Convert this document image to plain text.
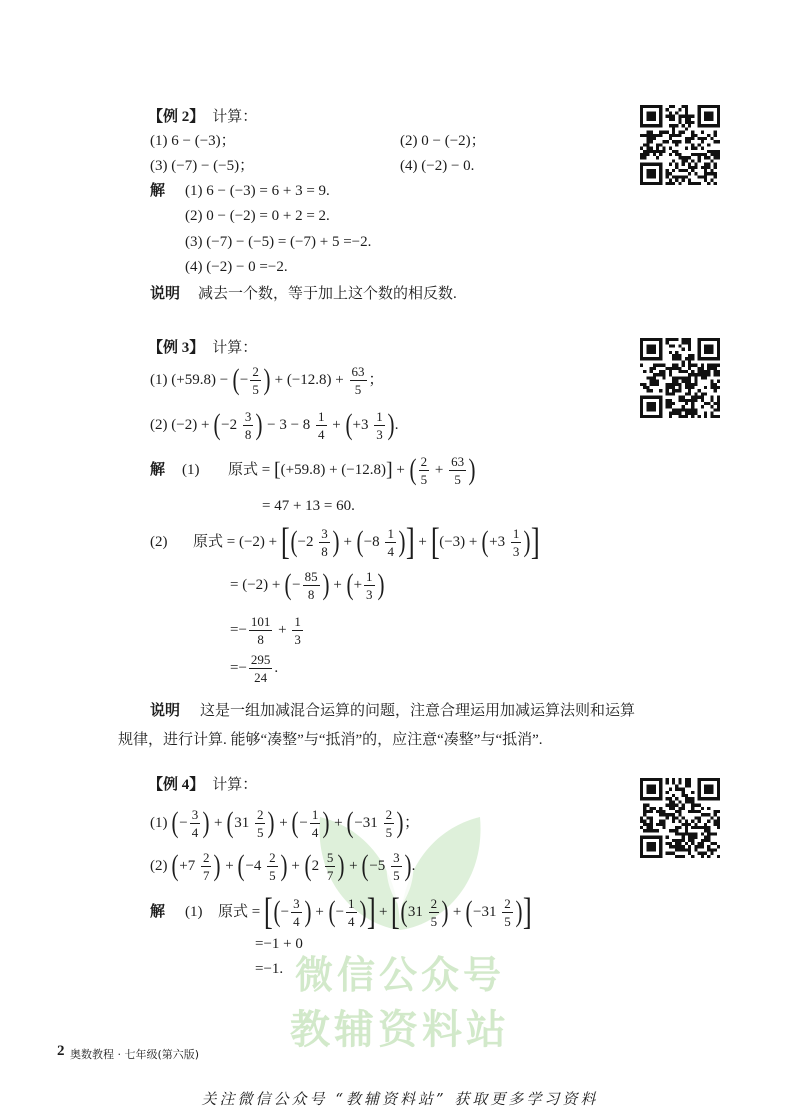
微信公众号
教辅资料站
【例 2】 计算：
(1) 6 − (−3)；	(2) 0 − (−2)；
(3) (−7) − (−5)；	(4) (−2) − 0.
解 (1) 6 − (−3) = 6 + 3 = 9.
(2) 0 − (−2) = 0 + 2 = 2.
(3) (−7) − (−5) = (−7) + 5 =−2.
(4) (−2) − 0 =−2.
说明 减去一个数，等于加上这个数的相反数.
【例 3】 计算：
(1) (+59.8) − ( − $\frac{2}{5}$ ) + $(-12.8) + \frac{63}{5}$ ；
(2) (−2) + ( $-2 \frac{3}{8}$ ) − $3 - 8 \frac{1}{4}$ + ( $+3 \frac{1}{3}$ ) .
解 (1) 原式 = [ (+59.8) + (−12.8) ] + ( $\frac{2}{5} + \frac{63}{5}$ )
= 47 + 13 = 60.
(2) 原式 = (−2) + [ ( $-2 \frac{3}{8}$ ) + ( $-8 \frac{1}{4}$ ) ] + [ (−3) + ( $+3 \frac{1}{3}$ ) ]
= (−2) + ( − $\frac{85}{8}$ ) + ( + $\frac{1}{3}$ )
=− $\frac{101}{8} + \frac{1}{3}$
=− $\frac{295}{24}$ .
说明 这是一组加减混合运算的问题，注意合理运用加减运算法则和运算
规律，进行计算. 能够“凑整”与“抵消”的，应注意“凑整”与“抵消”.
【例 4】 计算：
(1) ( − $\frac{3}{4}$ ) + ( $31 \frac{2}{5}$ ) + ( − $\frac{1}{4}$ ) + ( $-31 \frac{2}{5}$ ) ；
(2) ( $+7 \frac{2}{7}$ ) + ( $-4 \frac{2}{5}$ ) + ( $2 \frac{5}{7}$ ) + ( $-5 \frac{3}{5}$ ) .
解 (1) 原式 = [ ( − $\frac{3}{4}$ ) + ( − $\frac{1}{4}$ ) ] + [ ( $31 \frac{2}{5}$ ) + ( $-31 \frac{2}{5}$ ) ]
=−1 + 0
=−1.
2 奥数教程 · 七年级(第六版)
关注微信公众号 “教辅资料站” 获取更多学习资料
